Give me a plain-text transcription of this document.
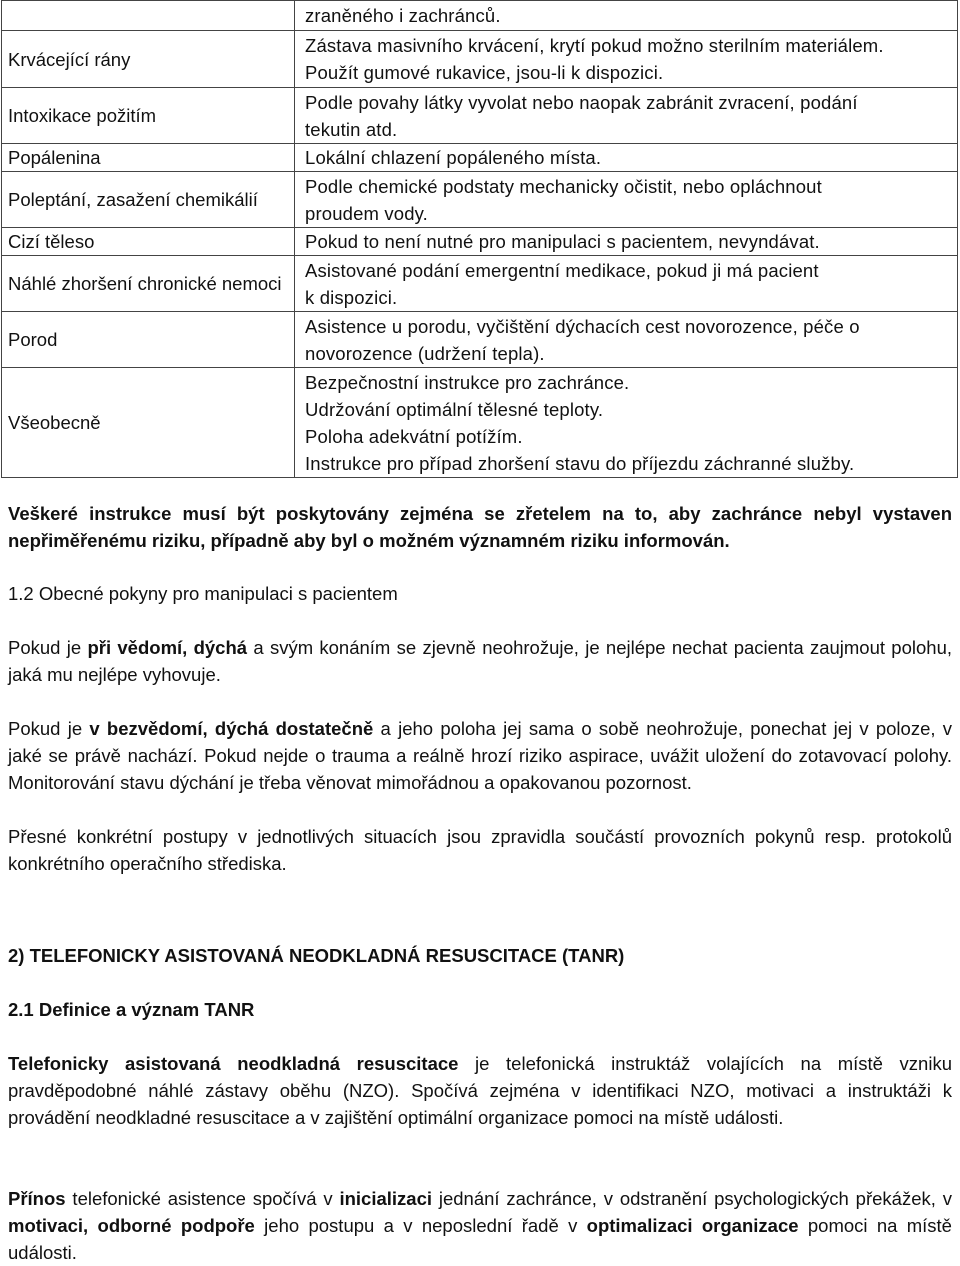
	zraněného i zachránců.

Krvácející rány	Zástava masivního krvácení, krytí pokud možno sterilním materiálem.
Použít gumové rukavice, jsou-li k dispozici.

Intoxikace požitím	Podle povahy látky vyvolat nebo naopak zabránit zvracení, podání
tekutin atd.

Popálenina	Lokální chlazení popáleného místa.

Poleptání, zasažení chemikálií	Podle chemické podstaty mechanicky očistit, nebo opláchnout
proudem vody.

Cizí těleso	Pokud to není nutné pro manipulaci s pacientem, nevyndávat.

Náhlé zhoršení chronické nemoci	Asistované podání emergentní medikace, pokud ji má pacient
k dispozici.

Porod	Asistence u porodu, vyčištění dýchacích cest novorozence, péče o
novorozence (udržení tepla).

Všeobecně	Bezpečnostní instrukce pro zachránce.
Udržování optimální tělesné teploty.
Poloha adekvátní potížím.
Instrukce pro případ zhoršení stavu do příjezdu záchranné služby.

Veškeré instrukce musí být poskytovány zejména se zřetelem na to, aby zachránce nebyl vystaven nepřiměřenému riziku, případně aby byl o možném významném riziku informován.

1.2 Obecné pokyny pro manipulaci s pacientem

Pokud je při vědomí, dýchá a svým konáním se zjevně neohrožuje, je nejlépe nechat pacienta zaujmout polohu, jaká mu nejlépe vyhovuje.

Pokud je v bezvědomí, dýchá dostatečně a jeho poloha jej sama o sobě neohrožuje, ponechat jej v poloze, v jaké se právě nachází. Pokud nejde o trauma a reálně hrozí riziko aspirace, uvážit uložení do zotavovací polohy. Monitorování stavu dýchání je třeba věnovat mimořádnou a opakovanou pozornost.

Přesné konkrétní postupy v jednotlivých situacích jsou zpravidla součástí provozních pokynů resp. protokolů konkrétního operačního střediska.

2) TELEFONICKY ASISTOVANÁ NEODKLADNÁ RESUSCITACE (TANR)

2.1 Definice a význam TANR

Telefonicky asistovaná neodkladná resuscitace je telefonická instruktáž volajících na místě vzniku pravděpodobné náhlé zástavy oběhu (NZO). Spočívá zejména v identifikaci NZO, motivaci a instruktáži k provádění neodkladné resuscitace a v zajištění optimální organizace pomoci na místě události.

Přínos telefonické asistence spočívá v inicializaci jednání zachránce, v odstranění psychologických překážek, v motivaci, odborné podpoře jeho postupu a v neposlední řadě v optimalizaci organizace pomoci na místě události.
